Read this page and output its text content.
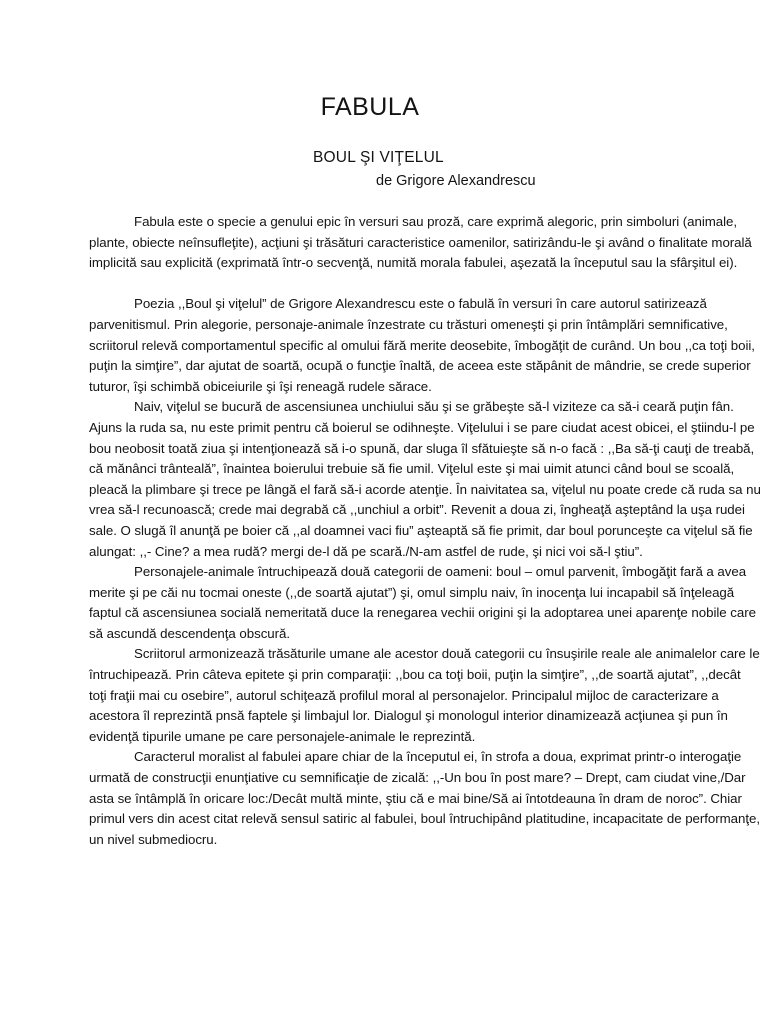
FABULA
BOUL ŞI VIŢELUL

de Grigore Alexandrescu

Fabula este o specie a genului epic în versuri sau proză, care exprimă alegoric, prin simboluri (animale, plante, obiecte neînsufleţite), acţiuni şi trăsături caracteristice oamenilor, satirizându-le şi având o finalitate morală implicită sau explicită (exprimată într-o secvenţă, numită morala fabulei, aşezată la începutul sau la sfârşitul ei).

Poezia ,,Boul şi viţelul” de Grigore Alexandrescu este o fabulă în versuri în care autorul satirizează parvenitismul. Prin alegorie, personaje-animale înzestrate cu trăsturi omeneşti şi prin întâmplări semnificative, scriitorul relevă comportamentul specific al omului fără merite deosebite, îmbogăţit de curând. Un bou ,,ca toţi boii, puţin la simţire”, dar ajutat de soartă, ocupă o funcţie înaltă, de aceea este stăpânit de mândrie, se crede superior tuturor, îşi schimbă obiceiurile şi îşi reneagă rudele sărace.

Naiv, viţelul se bucură de ascensiunea unchiului său şi se grăbeşte să-l viziteze ca să-i ceară puţin fân. Ajuns la ruda sa, nu este primit pentru că boierul se odihneşte. Viţelului i se pare ciudat acest obicei, el ştiindu-l pe bou neobosit toată ziua şi intenţionează să i-o spună, dar sluga îl sfătuieşte să n-o facă : ,,Ba să-ţi cauţi de treabă, că mănânci trânteală”, înaintea boierului trebuie să fie umil. Viţelul este şi mai uimit atunci când boul se scoală, pleacă la plimbare şi trece pe lângă el fară să-i acorde atenţie. În naivitatea sa, viţelul nu poate crede că ruda sa nu vrea să-l recunoască; crede mai degrabă că ,,unchiul a orbit”. Revenit a doua zi, îngheaţă aşteptând la uşa rudei sale. O slugă îl anunţă pe boier că ,,al doamnei vaci fiu” aşteaptă să fie primit, dar boul porunceşte ca viţelul să fie alungat: ,,- Cine? a mea rudă? mergi de-l dă pe scară./N-am astfel de rude, şi nici voi să-l ştiu”.

Personajele-animale întruchipează două categorii de oameni: boul – omul parvenit, îmbogăţit fară a avea merite şi pe căi nu tocmai oneste (,,de soartă ajutat”) şi, omul simplu naiv, în inocenţa lui incapabil să înţeleagă faptul că ascensiunea socială nemeritată duce la renegarea vechii origini şi la adoptarea unei aparenţe nobile care să ascundă descendenţa obscură.

Scriitorul armonizează trăsăturile umane ale acestor două categorii cu însuşirile reale ale animalelor care le întruchipează. Prin câteva epitete şi prin comparaţii: ,,bou ca toţi boii, puţin la simţire”, ,,de soartă ajutat”, ,,decât toţi fraţii mai cu osebire”, autorul schiţează profilul moral al personajelor. Principalul mijloc de caracterizare a acestora îl reprezintă pnsă faptele şi limbajul lor. Dialogul şi monologul interior dinamizează acţiunea şi pun în evidenţă tipurile umane pe care personajele-animale le reprezintă.

Caracterul moralist al fabulei apare chiar de la începutul ei, în strofa a doua, exprimat printr-o interogaţie urmată de construcţii enunţiative cu semnificaţie de zicală: ,,-Un bou în post mare? – Drept, cam ciudat vine,/Dar asta se întâmplă în oricare loc:/Decât multă minte, ştiu că e mai bine/Să ai întotdeauna în dram de noroc”. Chiar primul vers din acest citat relevă sensul satiric al fabulei, boul întruchipând platitudine, incapacitate de performanţe, un nivel submediocru.
